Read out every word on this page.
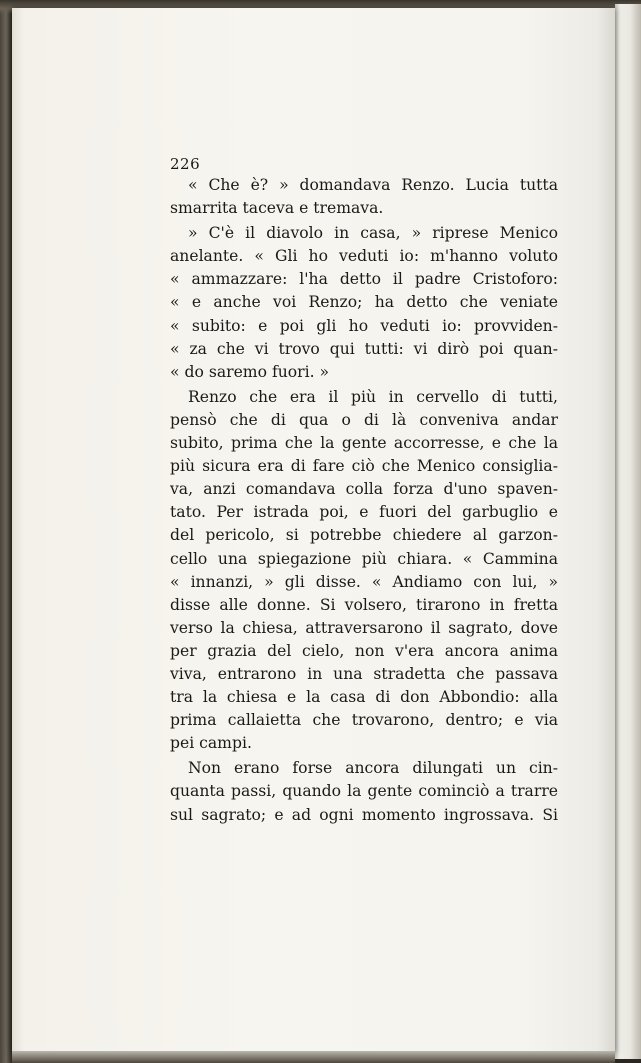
226
« Che è? » domandava Renzo. Lucia tutta
smarrita taceva e tremava.
» C'è il diavolo in casa, » riprese Menico
anelante. « Gli ho veduti io: m'hanno voluto
« ammazzare: l'ha detto il padre Cristoforo:
« e anche voi Renzo; ha detto che veniate
« subito: e poi gli ho veduti io: provviden-
« za che vi trovo qui tutti: vi dirò poi quan-
« do saremo fuori. »
Renzo che era il più in cervello di tutti,
pensò che di qua o di là conveniva andar
subito, prima che la gente accorresse, e che la
più sicura era di fare ciò che Menico consiglia-
va, anzi comandava colla forza d'uno spaven-
tato. Per istrada poi, e fuori del garbuglio e
del pericolo, si potrebbe chiedere al garzon-
cello una spiegazione più chiara. « Cammina
« innanzi, » gli disse. « Andiamo con lui, »
disse alle donne. Si volsero, tirarono in fretta
verso la chiesa, attraversarono il sagrato, dove
per grazia del cielo, non v'era ancora anima
viva, entrarono in una stradetta che passava
tra la chiesa e la casa di don Abbondio: alla
prima callaietta che trovarono, dentro; e via
pei campi.
Non erano forse ancora dilungati un cin-
quanta passi, quando la gente cominciò a trarre
sul sagrato; e ad ogni momento ingrossava. Si
